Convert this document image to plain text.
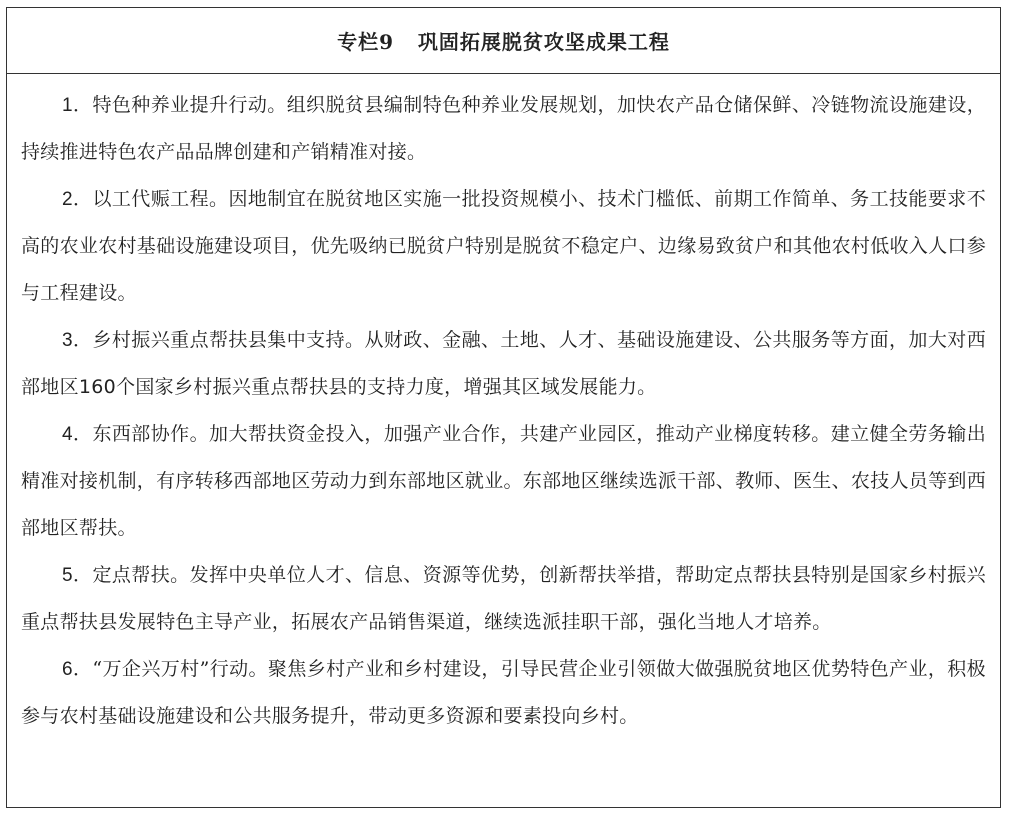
专栏9   巩固拓展脱贫攻坚成果工程

1．特色种养业提升行动。组织脱贫县编制特色种养业发展规划，加快农产品仓储保鲜、冷链物流设施建设，持续推进特色农产品品牌创建和产销精准对接。

2．以工代赈工程。因地制宜在脱贫地区实施一批投资规模小、技术门槛低、前期工作简单、务工技能要求不高的农业农村基础设施建设项目，优先吸纳已脱贫户特别是脱贫不稳定户、边缘易致贫户和其他农村低收入人口参与工程建设。

3．乡村振兴重点帮扶县集中支持。从财政、金融、土地、人才、基础设施建设、公共服务等方面，加大对西部地区160个国家乡村振兴重点帮扶县的支持力度，增强其区域发展能力。

4．东西部协作。加大帮扶资金投入，加强产业合作，共建产业园区，推动产业梯度转移。建立健全劳务输出精准对接机制，有序转移西部地区劳动力到东部地区就业。东部地区继续选派干部、教师、医生、农技人员等到西部地区帮扶。

5．定点帮扶。发挥中央单位人才、信息、资源等优势，创新帮扶举措，帮助定点帮扶县特别是国家乡村振兴重点帮扶县发展特色主导产业，拓展农产品销售渠道，继续选派挂职干部，强化当地人才培养。

6．“万企兴万村”行动。聚焦乡村产业和乡村建设，引导民营企业引领做大做强脱贫地区优势特色产业，积极参与农村基础设施建设和公共服务提升，带动更多资源和要素投向乡村。
